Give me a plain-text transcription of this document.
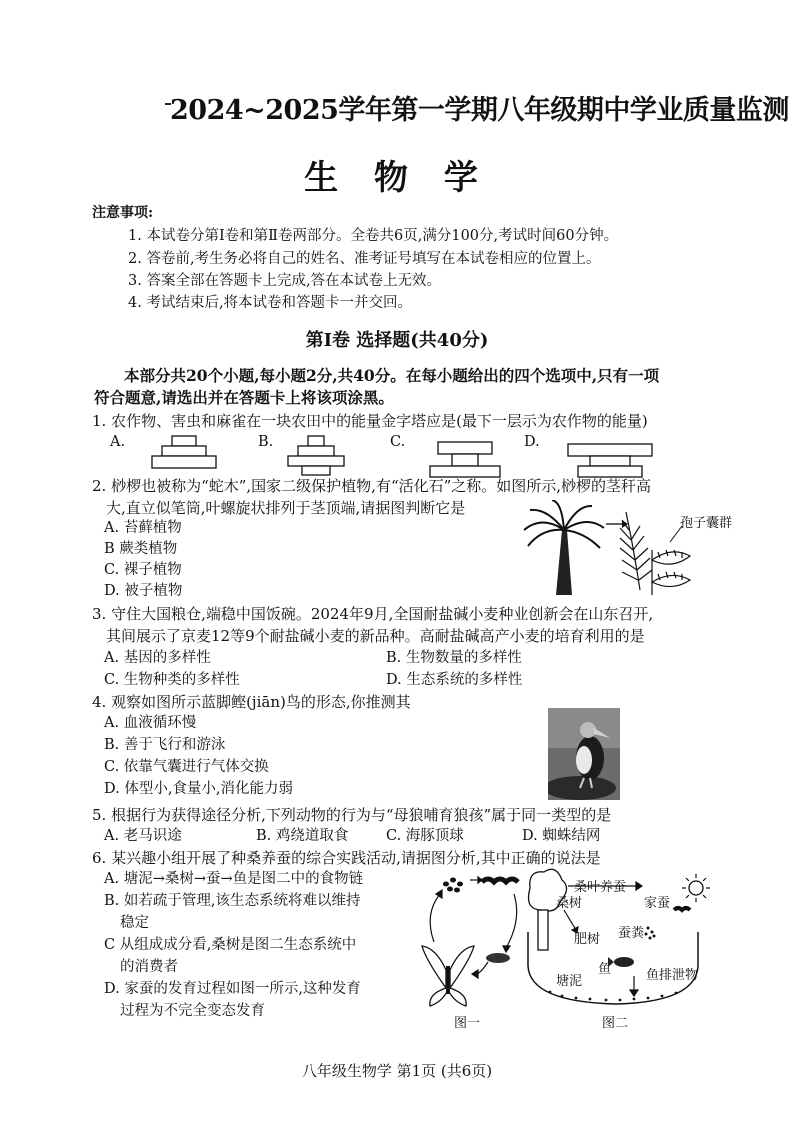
2024~2025学年第一学期八年级期中学业质量监测
生 物 学
注意事项:
1. 本试卷分第Ⅰ卷和第Ⅱ卷两部分。全卷共6页,满分100分,考试时间60分钟。
2. 答卷前,考生务必将自己的姓名、准考证号填写在本试卷相应的位置上。
3. 答案全部在答题卡上完成,答在本试卷上无效。
4. 考试结束后,将本试卷和答题卡一并交回。
第Ⅰ卷 选择题(共40分)
本部分共20个小题,每小题2分,共40分。在每小题给出的四个选项中,只有一项
符合题意,请选出并在答题卡上将该项涂黑。
1. 农作物、害虫和麻雀在一块农田中的能量金字塔应是(最下一层示为农作物的能量)
A.	B.	C.	D.
2. 桫椤也被称为“蛇木”,国家二级保护植物,有“活化石”之称。如图所示,桫椤的茎秆高
大,直立似笔筒,叶螺旋状排列于茎顶端,请据图判断它是
A. 苔藓植物
B 蕨类植物
C. 裸子植物
D. 被子植物
孢子囊群
3. 守住大国粮仓,端稳中国饭碗。2024年9月,全国耐盐碱小麦种业创新会在山东召开,
其间展示了京麦12等9个耐盐碱小麦的新品种。高耐盐碱高产小麦的培育利用的是
A. 基因的多样性	B. 生物数量的多样性
C. 生物种类的多样性	D. 生态系统的多样性
4. 观察如图所示蓝脚鲣(jiān)鸟的形态,你推测其
A. 血液循环慢
B. 善于飞行和游泳
C. 依靠气囊进行气体交换
D. 体型小,食量小,消化能力弱
5. 根据行为获得途径分析,下列动物的行为与“母狼哺育狼孩”属于同一类型的是
A. 老马识途	B. 鸡绕道取食	C. 海豚顶球	D. 蜘蛛结网
6. 某兴趣小组开展了种桑养蚕的综合实践活动,请据图分析,其中正确的说法是
A. 塘泥→桑树→蚕→鱼是图二中的食物链
B. 如若疏于管理,该生态系统将难以维持
稳定
C 从组成成分看,桑树是图二生态系统中
的消费者
D. 家蚕的发育过程如图一所示,这种发育
过程为不完全变态发育
图一
桑叶养蚕
桑树	家蚕
肥树 蚕粪
塘泥
鱼	鱼排泄物
图二
八年级生物学 第1页 (共6页)
